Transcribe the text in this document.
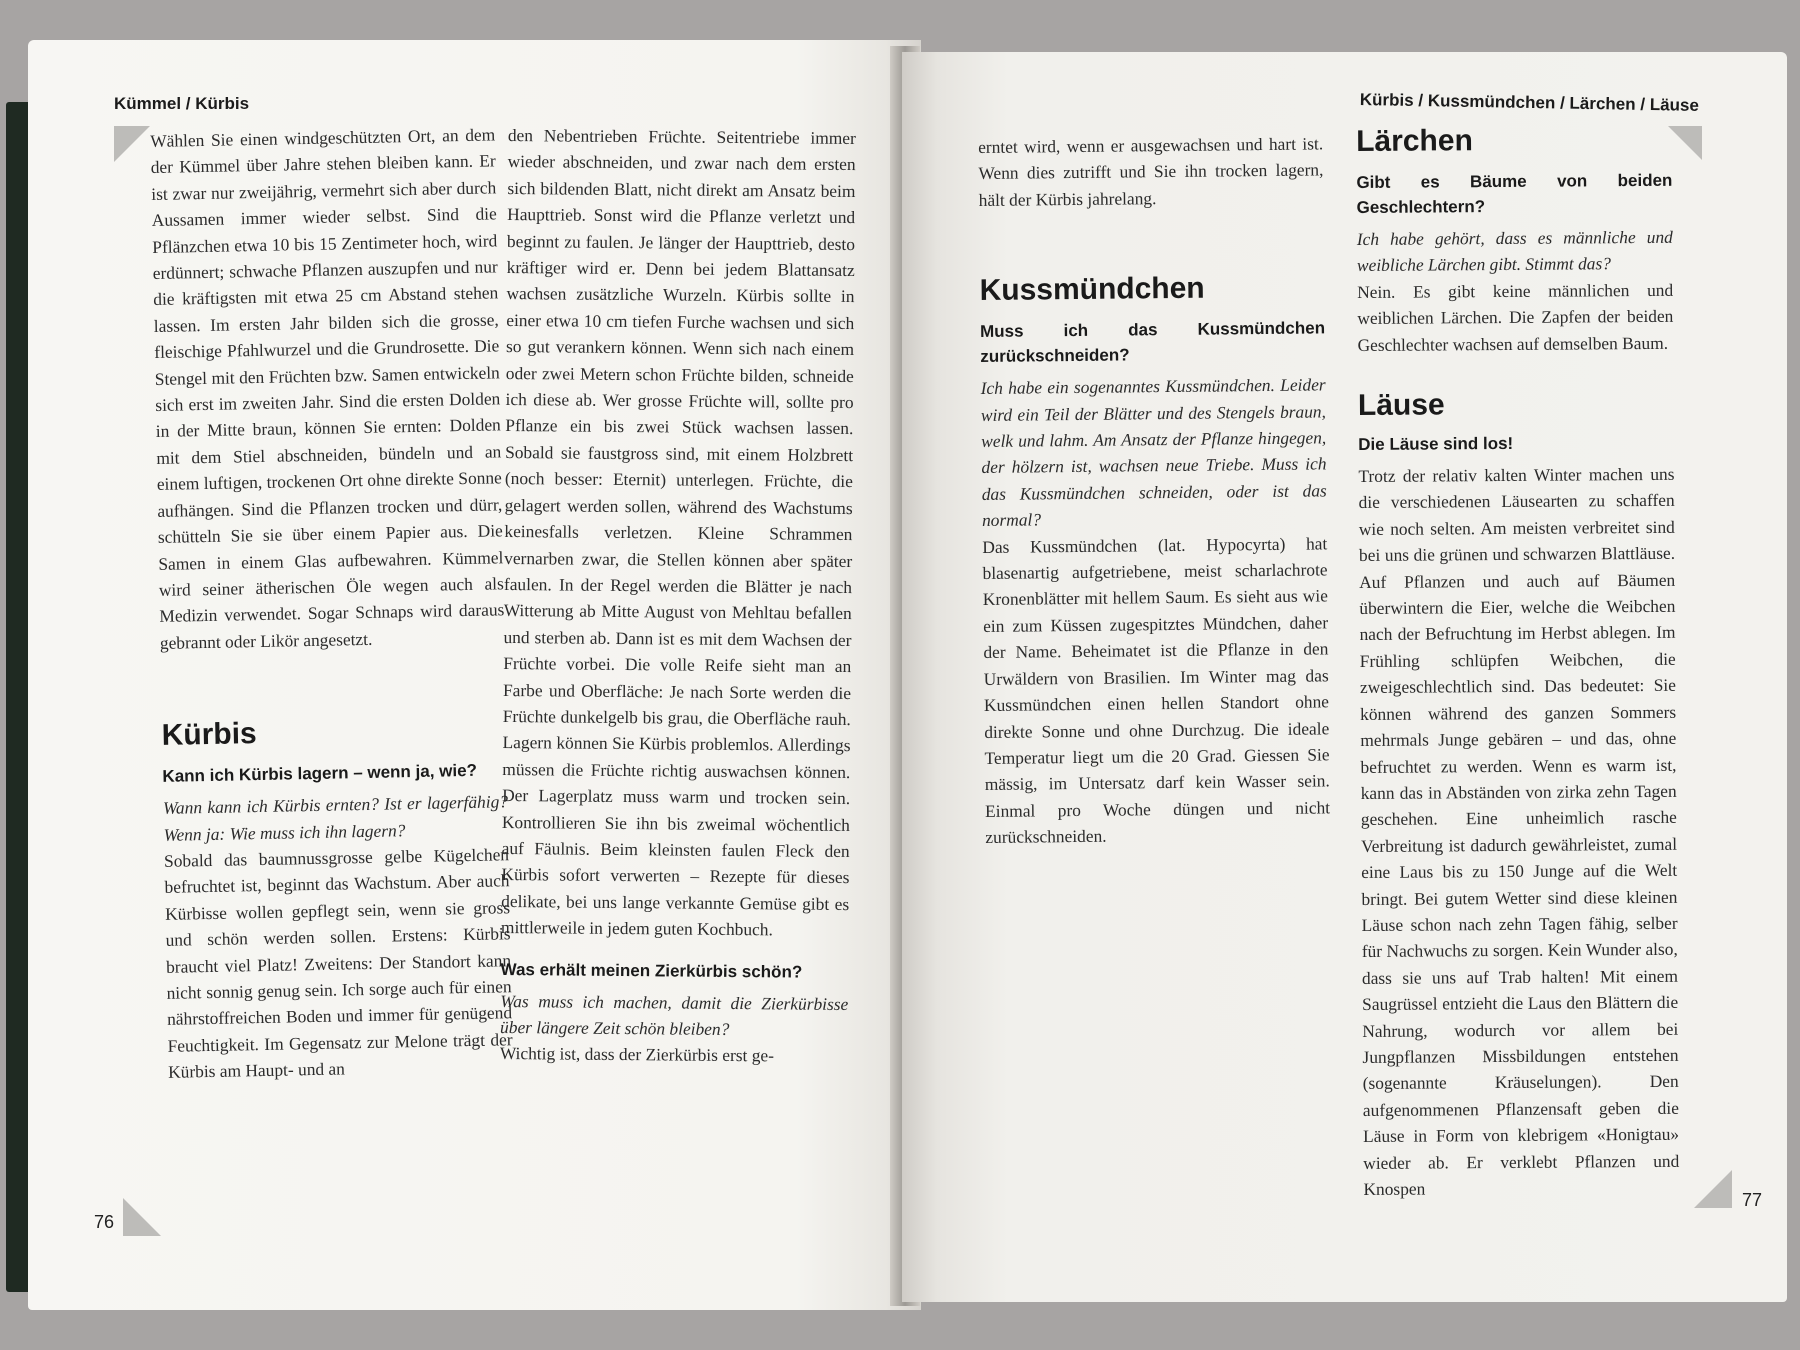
Kümmel / Kürbis

Wählen Sie einen windgeschützten Ort, an dem der Kümmel über Jahre stehen bleiben kann. Er ist zwar nur zweijährig, vermehrt sich aber durch Aussamen immer wieder selbst. Sind die Pflänzchen etwa 10 bis 15 Zentimeter hoch, wird erdünnert; schwache Pflanzen auszupfen und nur die kräftigsten mit etwa 25 cm Abstand stehen lassen. Im ersten Jahr bilden sich die grosse, fleischige Pfahlwurzel und die Grundrosette. Die Stengel mit den Früchten bzw. Samen entwickeln sich erst im zweiten Jahr. Sind die ersten Dolden in der Mitte braun, können Sie ernten: Dolden mit dem Stiel abschneiden, bündeln und an einem luftigen, trockenen Ort ohne direkte Sonne aufhängen. Sind die Pflanzen trocken und dürr, schütteln Sie sie über einem Papier aus. Die Samen in einem Glas aufbewahren. Kümmel wird seiner ätherischen Öle wegen auch als Medizin verwendet. Sogar Schnaps wird daraus gebrannt oder Likör angesetzt.

Kürbis

Kann ich Kürbis lagern – wenn ja, wie?

Wann kann ich Kürbis ernten? Ist er lagerfähig? Wenn ja: Wie muss ich ihn lagern?

Sobald das baumnussgrosse gelbe Kügelchen befruchtet ist, beginnt das Wachstum. Aber auch Kürbisse wollen gepflegt sein, wenn sie gross und schön werden sollen. Erstens: Kürbis braucht viel Platz! Zweitens: Der Standort kann nicht sonnig genug sein. Ich sorge auch für einen nährstoffreichen Boden und immer für genügend Feuchtigkeit. Im Gegensatz zur Melone trägt der Kürbis am Haupt- und an

den Nebentrieben Früchte. Seitentriebe immer wieder abschneiden, und zwar nach dem ersten sich bildenden Blatt, nicht direkt am Ansatz beim Haupttrieb. Sonst wird die Pflanze verletzt und beginnt zu faulen. Je länger der Haupttrieb, desto kräftiger wird er. Denn bei jedem Blattansatz wachsen zusätzliche Wurzeln. Kürbis sollte in einer etwa 10 cm tiefen Furche wachsen und sich so gut verankern können. Wenn sich nach einem oder zwei Metern schon Früchte bilden, schneide ich diese ab. Wer grosse Früchte will, sollte pro Pflanze ein bis zwei Stück wachsen lassen. Sobald sie faustgross sind, mit einem Holzbrett (noch besser: Eternit) unterlegen. Früchte, die gelagert werden sollen, während des Wachstums keinesfalls verletzen. Kleine Schrammen vernarben zwar, die Stellen können aber später faulen. In der Regel werden die Blätter je nach Witterung ab Mitte August von Mehltau befallen und sterben ab. Dann ist es mit dem Wachsen der Früchte vorbei. Die volle Reife sieht man an Farbe und Oberfläche: Je nach Sorte werden die Früchte dunkelgelb bis grau, die Oberfläche rauh. Lagern können Sie Kürbis problemlos. Allerdings müssen die Früchte richtig auswachsen können. Der Lagerplatz muss warm und trocken sein. Kontrollieren Sie ihn bis zweimal wöchentlich auf Fäulnis. Beim kleinsten faulen Fleck den Kürbis sofort verwerten – Rezepte für dieses delikate, bei uns lange verkannte Gemüse gibt es mittlerweile in jedem guten Kochbuch.

Was erhält meinen Zierkürbis schön?

Was muss ich machen, damit die Zierkürbisse über längere Zeit schön bleiben?

Wichtig ist, dass der Zierkürbis erst ge-

76
Kürbis / Kussmündchen / Lärchen / Läuse

erntet wird, wenn er ausgewachsen und hart ist. Wenn dies zutrifft und Sie ihn trocken lagern, hält der Kürbis jahrelang.

Kussmündchen

Muss ich das Kussmündchen zurückschneiden?

Ich habe ein sogenanntes Kussmündchen. Leider wird ein Teil der Blätter und des Stengels braun, welk und lahm. Am Ansatz der Pflanze hingegen, der hölzern ist, wachsen neue Triebe. Muss ich das Kussmündchen schneiden, oder ist das normal?

Das Kussmündchen (lat. Hypocyrta) hat blasenartig aufgetriebene, meist scharlachrote Kronenblätter mit hellem Saum. Es sieht aus wie ein zum Küssen zugespitztes Mündchen, daher der Name. Beheimatet ist die Pflanze in den Urwäldern von Brasilien. Im Winter mag das Kussmündchen einen hellen Standort ohne direkte Sonne und ohne Durchzug. Die ideale Temperatur liegt um die 20 Grad. Giessen Sie mässig, im Untersatz darf kein Wasser sein. Einmal pro Woche düngen und nicht zurückschneiden.

Lärchen

Gibt es Bäume von beiden Geschlechtern?

Ich habe gehört, dass es männliche und weibliche Lärchen gibt. Stimmt das?

Nein. Es gibt keine männlichen und weiblichen Lärchen. Die Zapfen der beiden Geschlechter wachsen auf demselben Baum.

Läuse

Die Läuse sind los!

Trotz der relativ kalten Winter machen uns die verschiedenen Läusearten zu schaffen wie noch selten. Am meisten verbreitet sind bei uns die grünen und schwarzen Blattläuse. Auf Pflanzen und auch auf Bäumen überwintern die Eier, welche die Weibchen nach der Befruchtung im Herbst ablegen. Im Frühling schlüpfen Weibchen, die zweigeschlechtlich sind. Das bedeutet: Sie können während des ganzen Sommers mehrmals Junge gebären – und das, ohne befruchtet zu werden. Wenn es warm ist, kann das in Abständen von zirka zehn Tagen geschehen. Eine unheimlich rasche Verbreitung ist dadurch gewährleistet, zumal eine Laus bis zu 150 Junge auf die Welt bringt. Bei gutem Wetter sind diese kleinen Läuse schon nach zehn Tagen fähig, selber für Nachwuchs zu sorgen. Kein Wunder also, dass sie uns auf Trab halten! Mit einem Saugrüssel entzieht die Laus den Blättern die Nahrung, wodurch vor allem bei Jungpflanzen Missbildungen entstehen (sogenannte Kräuselungen). Den aufgenommenen Pflanzensaft geben die Läuse in Form von klebrigem «Honigtau» wieder ab. Er verklebt Pflanzen und Knospen

77
